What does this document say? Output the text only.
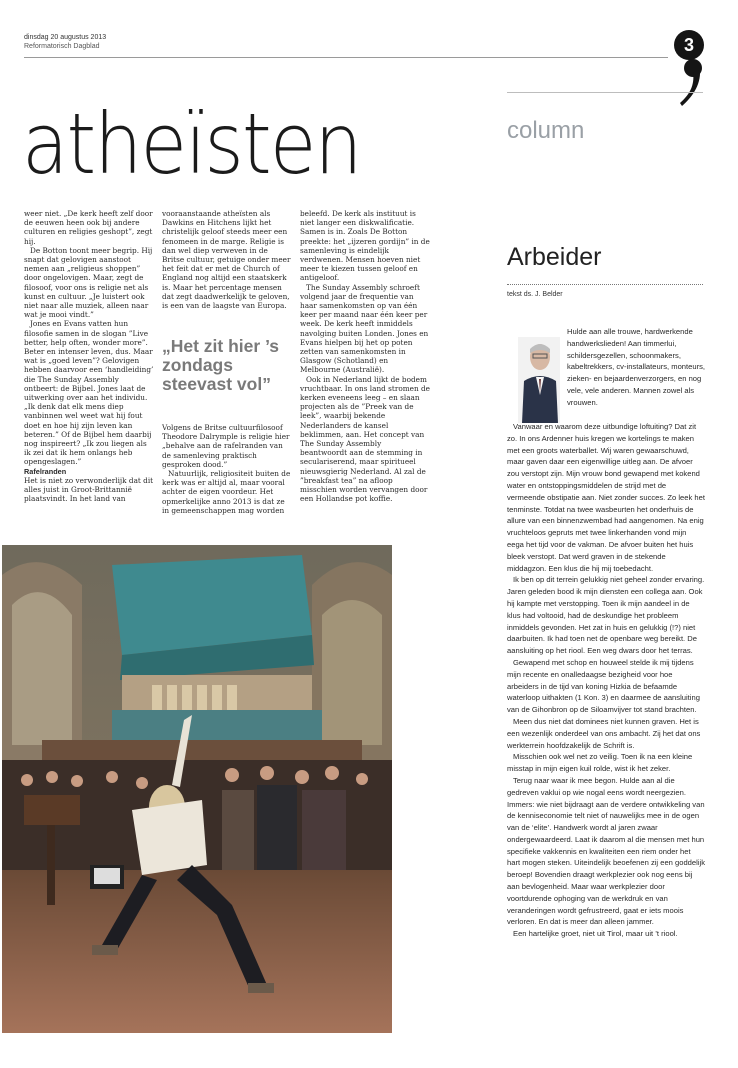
dinsdag 20 augustus 2013
Reformatorisch Dagblad	3
atheïsten

weer niet. „De kerk heeft zelf door de eeuwen heen ook bij andere culturen en religies geshopt”, zegt hij.

De Botton toont meer begrip. Hij snapt dat gelovigen aanstoot nemen aan „religieus shoppen” door ongelovigen. Maar, zegt de filosoof, voor ons is religie net als kunst en cultuur. „Je luistert ook niet naar alle muziek, alleen naar wat je mooi vindt.”

Jones en Evans vatten hun filosofie samen in de slogan ”Live better, help often, wonder more”. Beter en intenser leven, dus. Maar wat is „goed leven”? Gelovigen hebben daarvoor een ‘handleiding’ die The Sunday Assembly ontbeert: de Bijbel. Jones laat de uitwerking over aan het individu. „Ik denk dat elk mens diep vanbinnen wel weet wat hij fout doet en hoe hij zijn leven kan beteren.” Of de Bijbel hem daarbij nog inspireert? „Ik zou liegen als ik zei dat ik hem onlangs heb opengeslagen.”

Rafelranden

Het is niet zo verwonderlijk dat dit alles juist in Groot-Brittannië plaatsvindt. In het land van

vooraanstaande atheïsten als Dawkins en Hitchens lijkt het christelijk geloof steeds meer een fenomeen in de marge. Religie is dan wel diep verweven in de Britse cultuur, getuige onder meer het feit dat er met de Church of England nog altijd een staatskerk is. Maar het percentage mensen dat zegt daadwerkelijk te geloven, is een van de laagste van Europa.

„Het zit hier ’s zondags steevast vol”

Volgens de Britse cultuurfilosoof Theodore Dalrymple is religie hier „behalve aan de rafelranden van de samenleving praktisch gesproken dood.”

Natuurlijk, religiositeit buiten de kerk was er altijd al, maar vooral achter de eigen voordeur. Het opmerkelijke anno 2013 is dat ze in gemeenschappen mag worden

beleefd. De kerk als instituut is niet langer een diskwalificatie. Samen is in. Zoals De Botton preekte: het „ijzeren gordijn” in de samenleving is eindelijk verdwenen. Mensen hoeven niet meer te kiezen tussen geloof en antigeloof.

The Sunday Assembly schroeft volgend jaar de frequentie van haar samenkomsten op van één keer per maand naar één keer per week. De kerk heeft inmiddels navolging buiten Londen. Jones en Evans hielpen bij het op poten zetten van samenkomsten in Glasgow (Schotland) en Melbourne (Australië).

Ook in Nederland lijkt de bodem vruchtbaar. In ons land stromen de kerken eveneens leeg – en slaan projecten als de ”Preek van de leek”, waarbij bekende Nederlanders de kansel beklimmen, aan. Het concept van The Sunday Assembly beantwoordt aan de stemming in seculariserend, maar spiritueel nieuwsgierig Nederland. Al zal de ”breakfast tea” na afloop misschien worden vervangen door een Hollandse pot koffie.

column
Arbeider
tekst ds. J. Belder

Hulde aan alle trouwe, hardwerkende handwerkslieden! Aan timmerlui, schildersgezellen, schoonmakers, kabeltrekkers, cv-installateurs, monteurs, zieken- en bejaardenverzorgers, en nog vele, vele anderen. Mannen zowel als vrouwen.

Vanwaar en waarom deze uitbundige loftuiting? Dat zit zo. In ons Ardenner huis kregen we kortelings te maken met een groots waterballet. Wij waren gewaarschuwd, maar gaven daar een eigenwillige uitleg aan. De afvoer zou verstopt zijn. Mijn vrouw bond gewapend met kokend water en ontstoppingsmiddelen de strijd met de vermeende obstipatie aan. Niet zonder succes. Zo leek het tenminste. Totdat na twee wasbeurten het onderhuis de allure van een binnenzwembad had aangenomen. Na enig vruchteloos gepruts met twee linkerhanden vond mijn eega het tijd voor de vakman. De afvoer buiten het huis bleek verstopt. Dat werd graven in de stekende middagzon. Een klus die hij mij toebedacht.

Ik ben op dit terrein gelukkig niet geheel zonder ervaring. Jaren geleden bood ik mijn diensten een collega aan. Ook hij kampte met verstopping. Toen ik mijn aandeel in de klus had voltooid, had de deskundige het probleem inmiddels gevonden. Het zat in huis en gelukkig (!?) niet daarbuiten. Ik had toen net de openbare weg bereikt. De aansluiting op het riool. Een weg dwars door het terras.

Gewapend met schop en houweel stelde ik mij tijdens mijn recente en onalledaagse bezigheid voor hoe arbeiders in de tijd van koning Hizkia de befaamde waterloop uithakten (1 Kon. 3) en daarmee de aansluiting van de Gihonbron op de Siloamvijver tot stand brachten.

Meen dus niet dat dominees niet kunnen graven. Het is een wezenlijk onderdeel van ons ambacht. Zij het dat ons werkterrein hoofdzakelijk de Schrift is.

Misschien ook wel net zo veilig. Toen ik na een kleine misstap in mijn eigen kuil rolde, wist ik het zeker.

Terug naar waar ik mee begon. Hulde aan al die gedreven vaklui op wie nogal eens wordt neergezien. Immers: wie niet bijdraagt aan de verdere ontwikkeling van de kenniseconomie telt niet of nauwelijks mee in de ogen van de ‘elite’. Handwerk wordt al jaren zwaar ondergewaardeerd. Laat ik daarom al die mensen met hun specifieke vakkennis en kwaliteiten een riem onder het hart mogen steken. Uiteindelijk beoefenen zij een goddelijk beroep! Bovendien draagt werkplezier ook nog eens bij aan bevlogenheid. Maar waar werkplezier door voortdurende ophoging van de werkdruk en van veranderingen wordt gefrustreerd, gaat er iets moois verloren. En dat is meer dan alleen jammer.

Een hartelijke groet, niet uit Tirol, maar uit ’t riool.
